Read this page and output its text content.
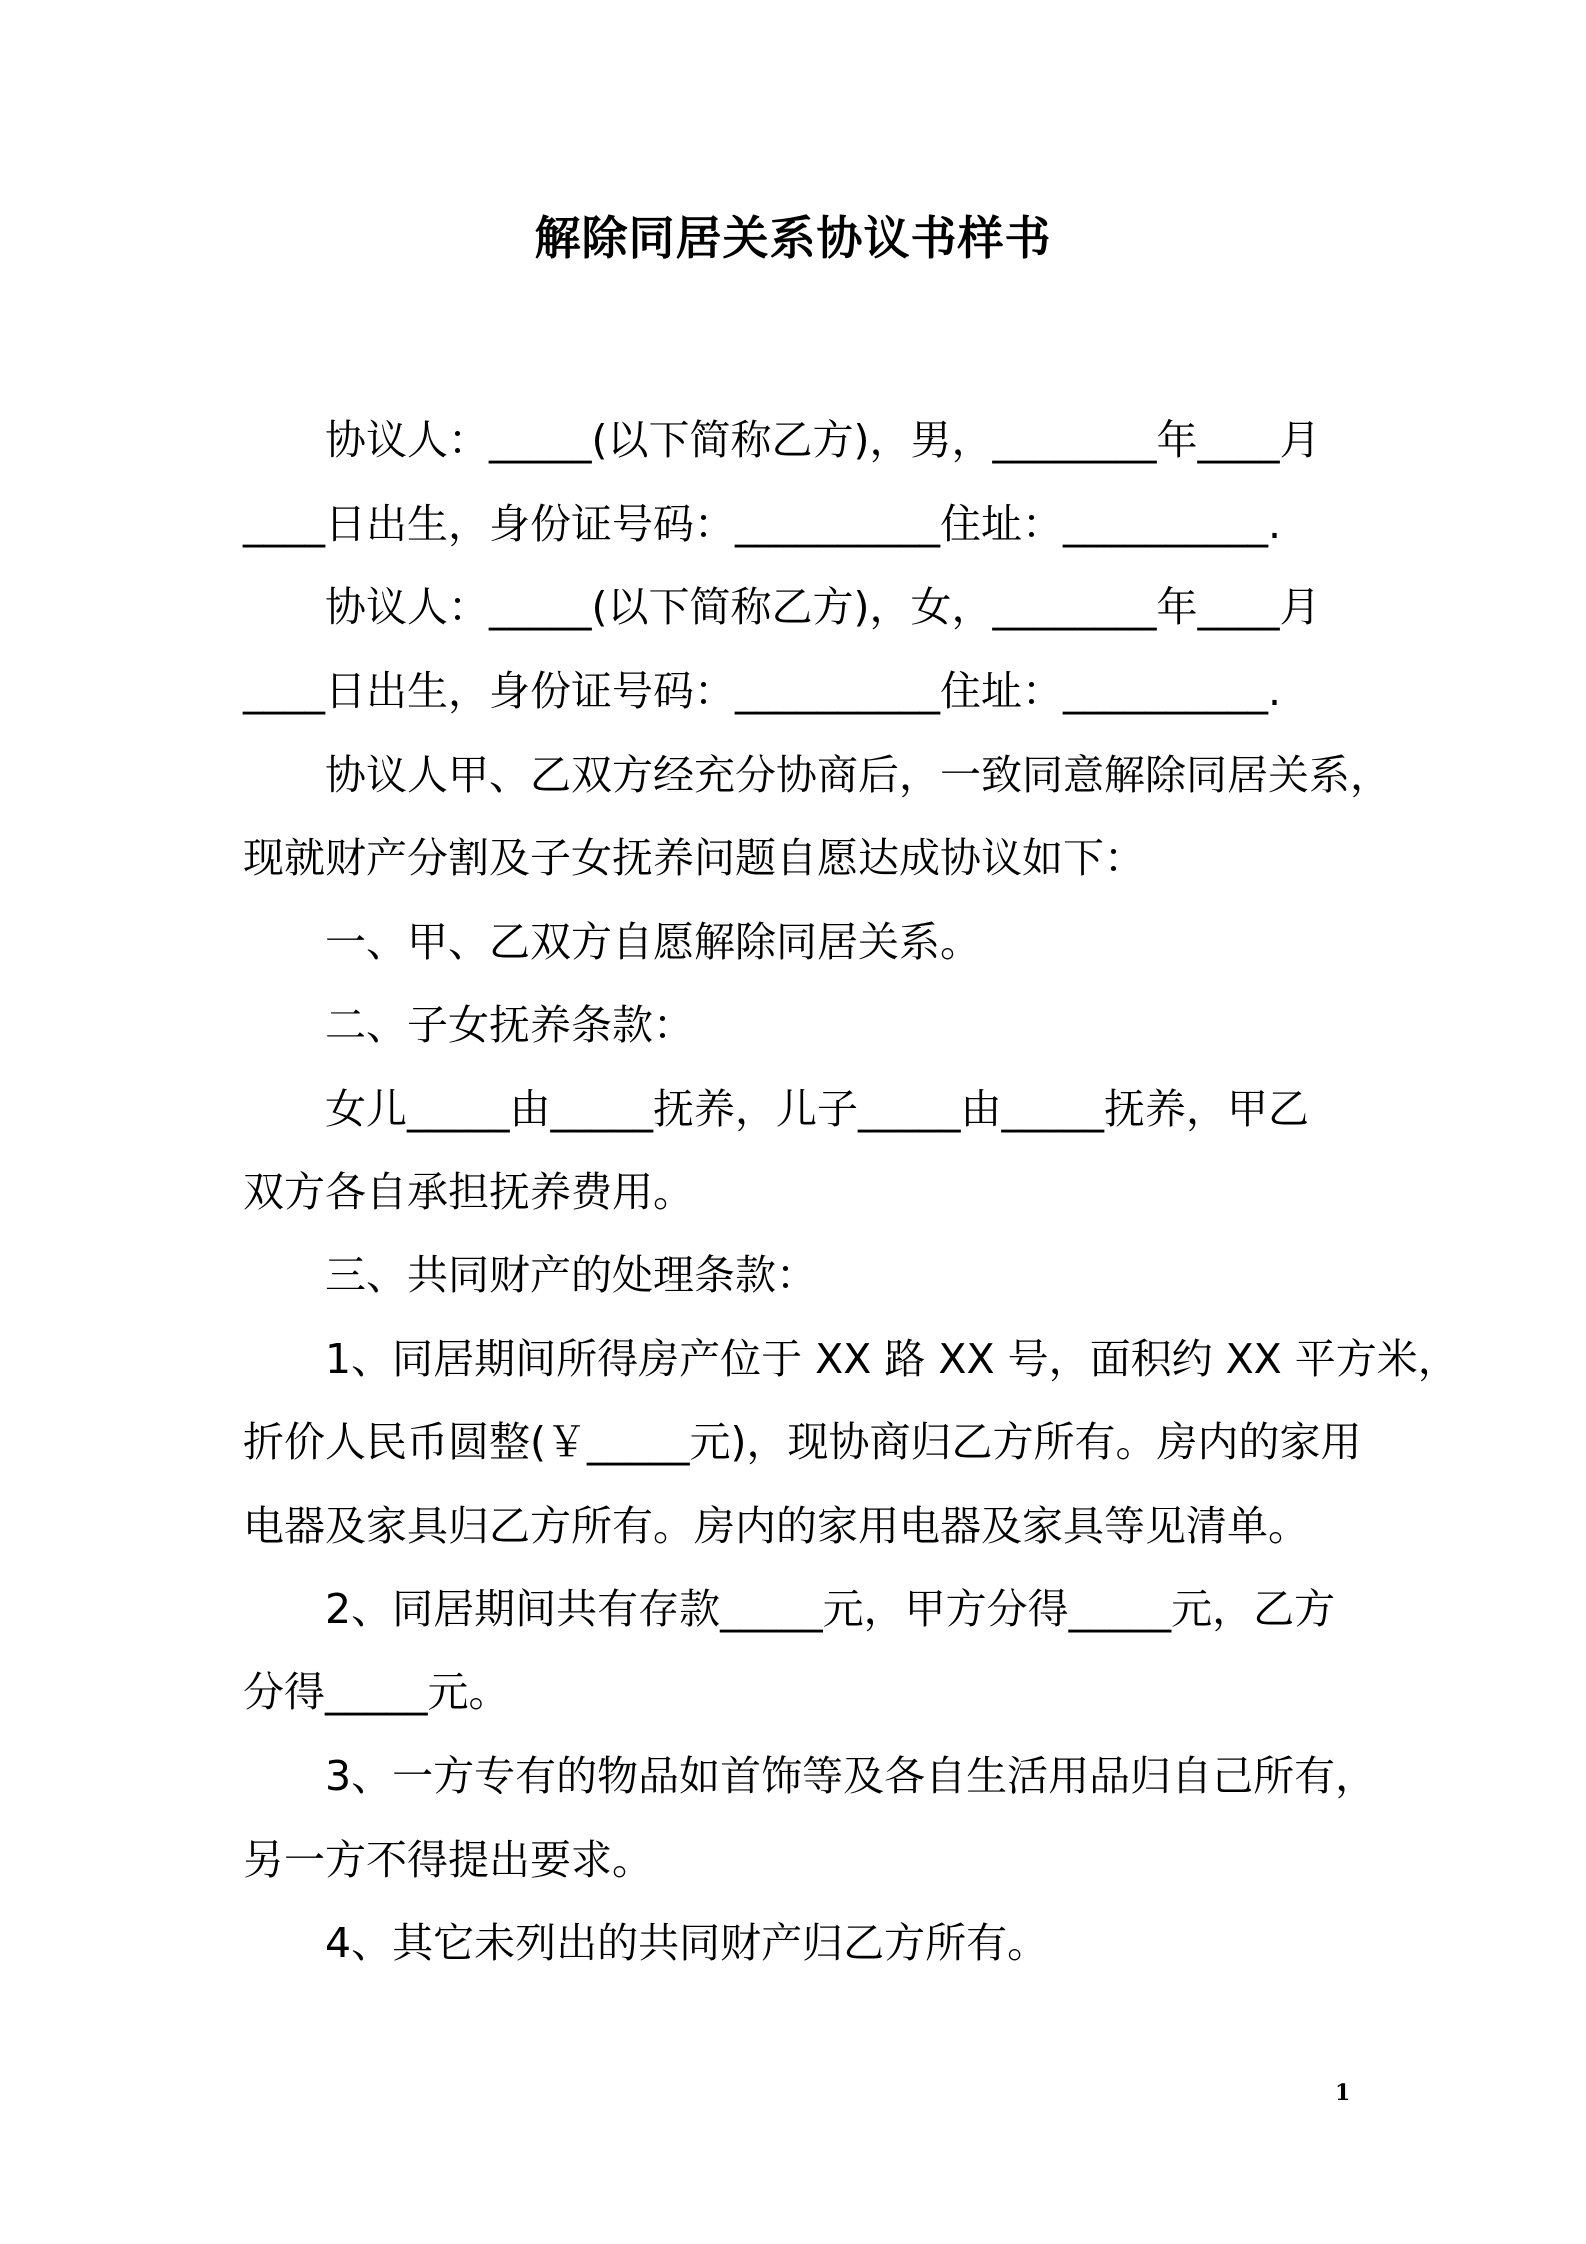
解除同居关系协议书样书
协议人：_____(以下简称乙方)，男，________年____月
____日出生，身份证号码：__________住址：__________.
协议人：_____(以下简称乙方)，女，________年____月
____日出生，身份证号码：__________住址：__________.
协议人甲、乙双方经充分协商后，一致同意解除同居关系，
现就财产分割及子女抚养问题自愿达成协议如下：
一、甲、乙双方自愿解除同居关系。
二、子女抚养条款：
女儿_____由_____抚养，儿子_____由_____抚养，甲乙
双方各自承担抚养费用。
三、共同财产的处理条款：
1、同居期间所得房产位于 XX 路 XX 号，面积约 XX 平方米，
折价人民币圆整(￥_____元)，现协商归乙方所有。房内的家用
电器及家具归乙方所有。房内的家用电器及家具等见清单。
2、同居期间共有存款_____元，甲方分得_____元，乙方
分得_____元。
3、一方专有的物品如首饰等及各自生活用品归自己所有，
另一方不得提出要求。
4、其它未列出的共同财产归乙方所有。
1
